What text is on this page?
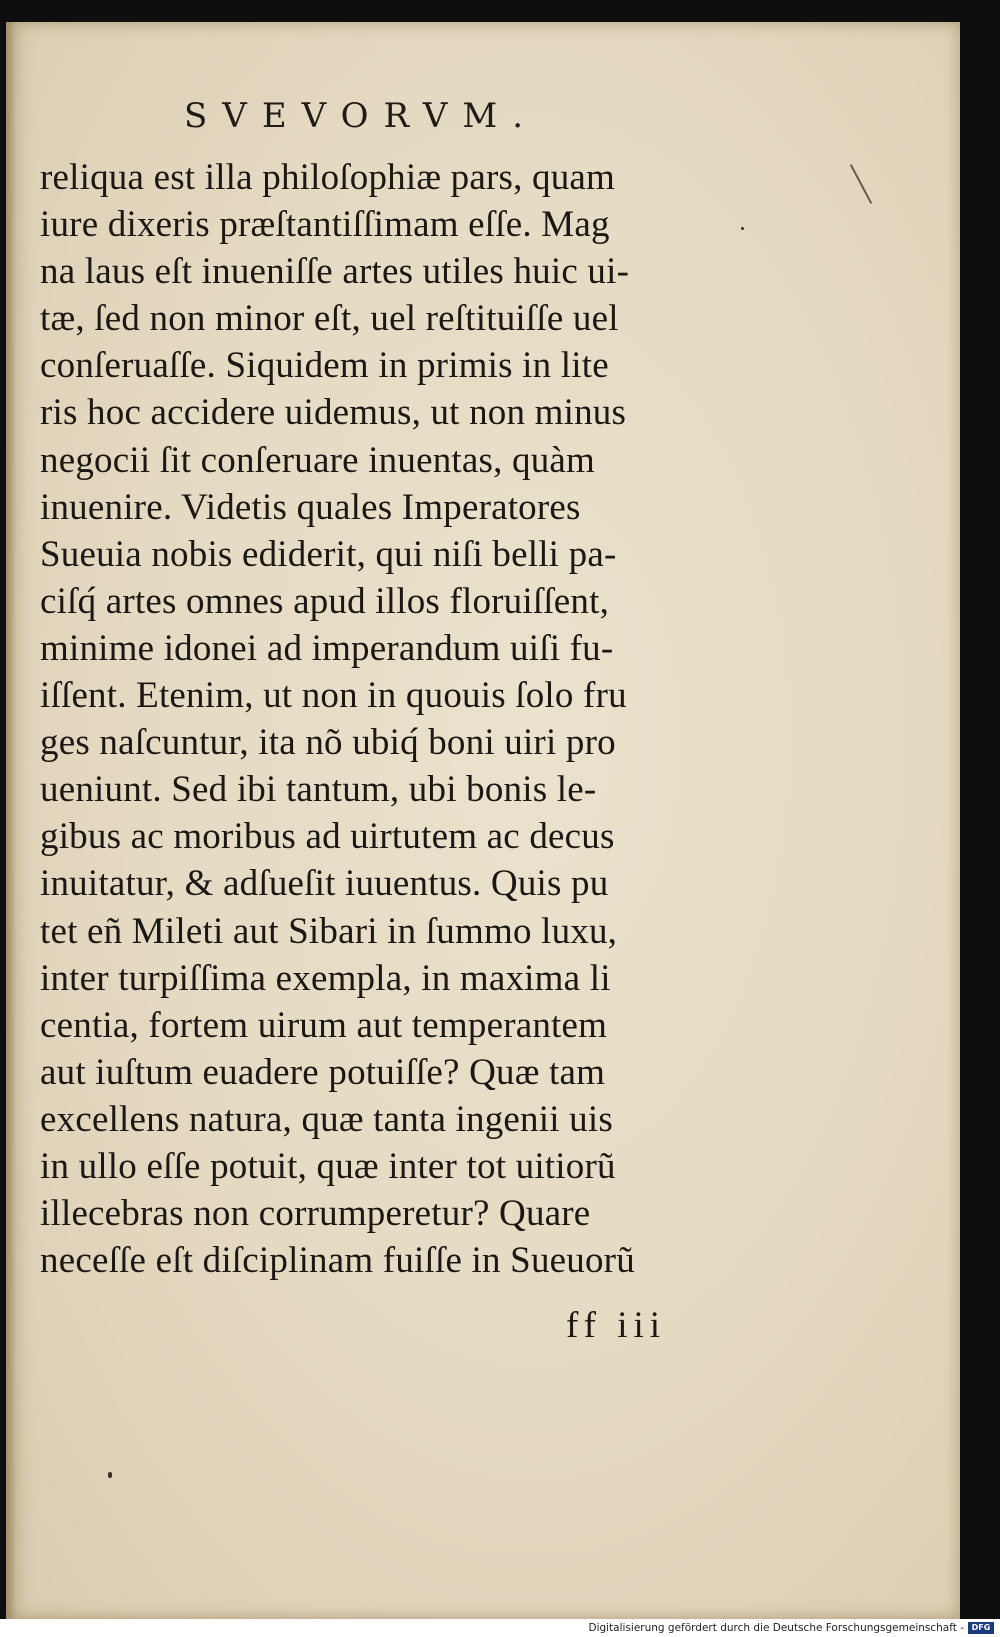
SVEVORVM.
reliqua est illa philoſophiæ pars, quam
iure dixeris præſtantiſſimam eſſe. Mag
na laus eſt inueniſſe artes utiles huic ui-
tæ, ſed non minor eſt, uel reſtituiſſe uel
conſeruaſſe. Siquidem in primis in lite
ris hoc accidere uidemus, ut non minus
negocii ſit conſeruare inuentas, quàm
inuenire. Videtis quales Imperatores
Sueuia nobis ediderit, qui niſi belli pa-
ciſq́ artes omnes apud illos floruiſſent,
minime idonei ad imperandum uiſi fu-
iſſent. Etenim, ut non in quouis ſolo fru
ges naſcuntur, ita nõ ubiq́ boni uiri pro
ueniunt. Sed ibi tantum, ubi bonis le-
gibus ac moribus ad uirtutem ac decus
inuitatur, & adſueſit iuuentus. Quis pu
tet eñ Mileti aut Sibari in ſummo luxu,
inter turpiſſima exempla, in maxima li
centia, fortem uirum aut temperantem
aut iuſtum euadere potuiſſe? Quæ tam
excellens natura, quæ tanta ingenii uis
in ullo eſſe potuit, quæ inter tot uitiorũ
illecebras non corrumperetur? Quare
neceſſe eſt diſciplinam fuiſſe in Sueuorũ
ff iii
Digitalisierung gefördert durch die Deutsche Forschungsgemeinschaft - DFG
